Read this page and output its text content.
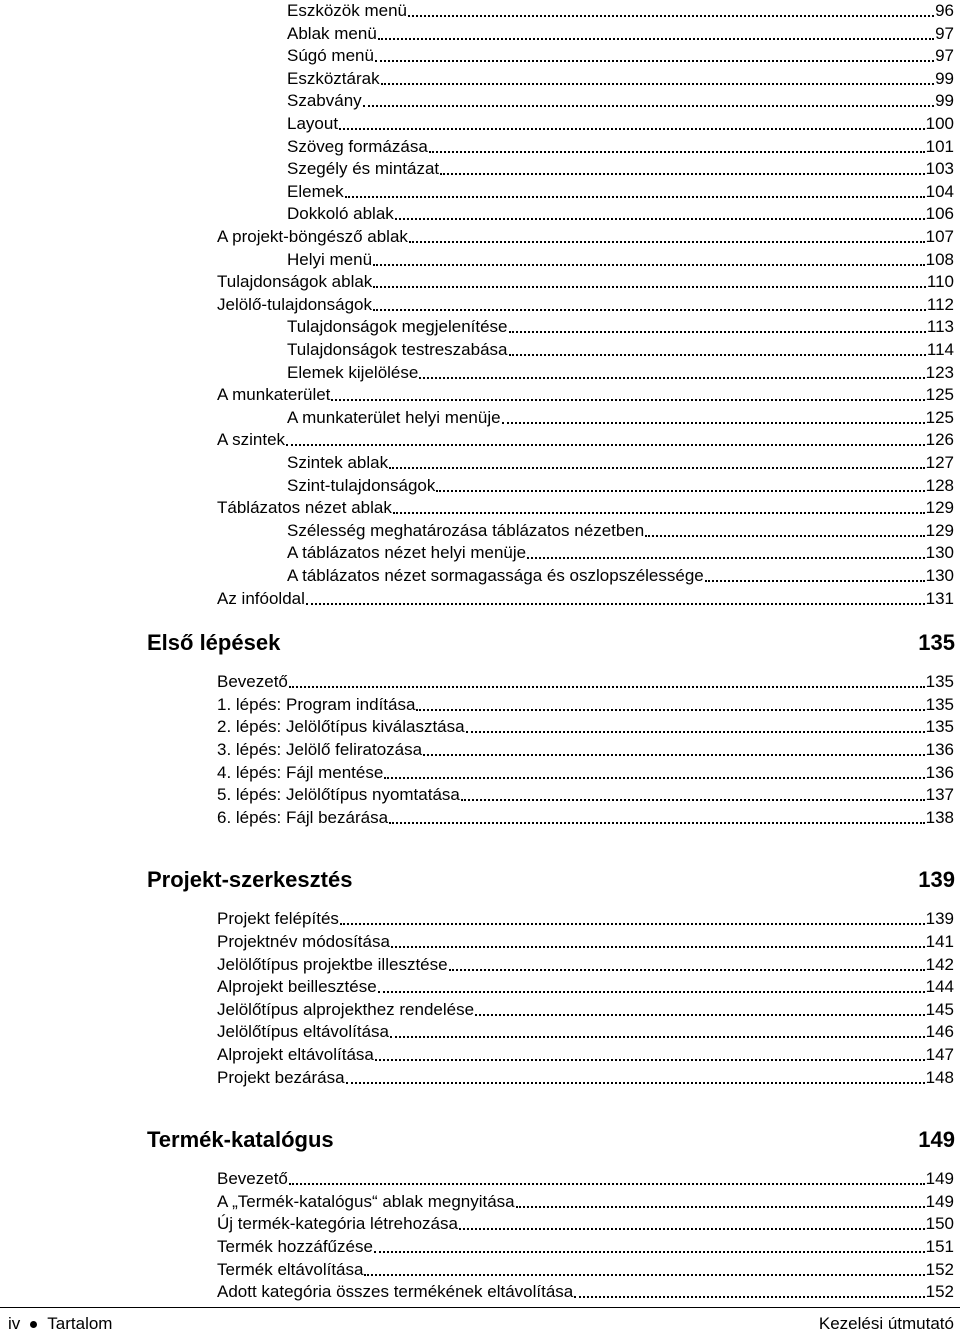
Eszközök menü	96
Ablak menü	97
Súgó menü	97
Eszköztárak	99
Szabvány	99
Layout	100
Szöveg formázása	101
Szegély és mintázat	103
Elemek	104
Dokkoló ablak	106
A projekt-böngésző ablak	107
Helyi menü	108
Tulajdonságok ablak	110
Jelölő-tulajdonságok	112
Tulajdonságok megjelenítése	113
Tulajdonságok testreszabása	114
Elemek kijelölése	123
A munkaterület	125
A munkaterület helyi menüje	125
A szintek	126
Szintek ablak	127
Szint-tulajdonságok	128
Táblázatos nézet ablak	129
Szélesség meghatározása táblázatos nézetben	129
A táblázatos nézet helyi menüje	130
A táblázatos nézet sormagassága és oszlopszélessége	130
Az infóoldal	131
Első lépések	135
Bevezető	135
1. lépés: Program indítása	135
2. lépés: Jelölőtípus kiválasztása	135
3. lépés: Jelölő feliratozása	136
4. lépés: Fájl mentése	136
5. lépés: Jelölőtípus nyomtatása	137
6. lépés: Fájl bezárása	138
Projekt-szerkesztés	139
Projekt felépítés	139
Projektnév módosítása	141
Jelölőtípus projektbe illesztése	142
Alprojekt beillesztése	144
Jelölőtípus alprojekthez rendelése	145
Jelölőtípus eltávolítása	146
Alprojekt eltávolítása	147
Projekt bezárása	148
Termék-katalógus	149
Bevezető	149
A „Termék-katalógus“ ablak megnyitása	149
Új termék-kategória létrehozása	150
Termék hozzáfűzése	151
Termék eltávolítása	152
Adott kategória összes termékének eltávolítása	152
iv Tartalom	Kezelési útmutató
